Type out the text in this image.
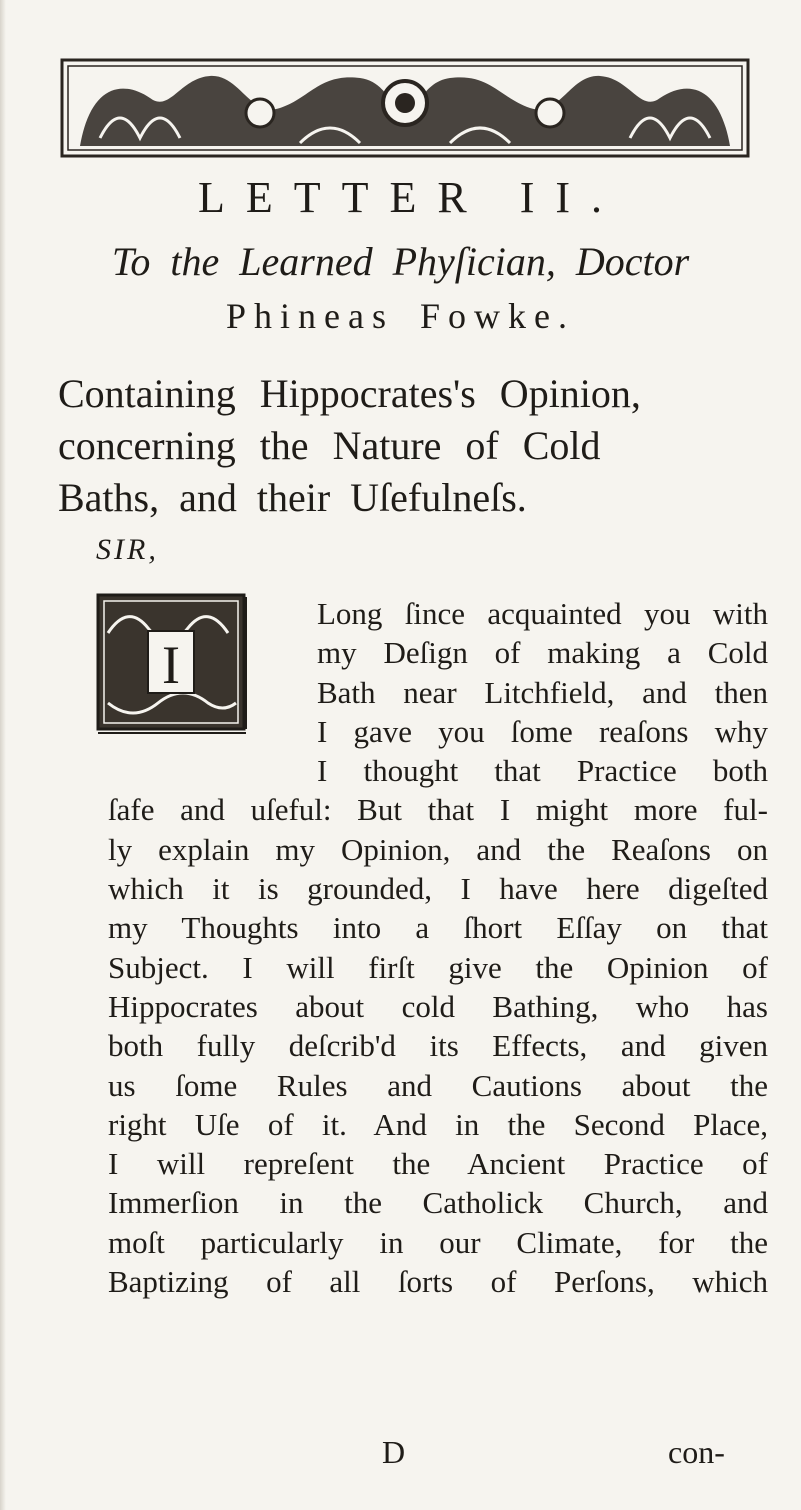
LETTER II.
To the Learned Phyſician, Doctor
Phineas Fowke.
Containing Hippocrates's Opinion,
concerning the Nature of Cold
Baths, and their Uſefulneſs.
SIR,
I
Long ſince acquainted you with
my Deſign of making a Cold
Bath near Litchfield, and then
I gave you ſome reaſons why
I thought that Practice both
ſafe and uſeful: But that I might more ful-
ly explain my Opinion, and the Reaſons on
which it is grounded, I have here digeſted
my Thoughts into a ſhort Eſſay on that
Subject. I will firſt give the Opinion of
Hippocrates about cold Bathing, who has
both fully deſcrib'd its Effects, and given
us ſome Rules and Cautions about the
right Uſe of it. And in the Second Place,
I will repreſent the Ancient Practice of
Immerſion in the Catholick Church, and
moſt particularly in our Climate, for the
Baptizing of all ſorts of Perſons, which
D	con-
